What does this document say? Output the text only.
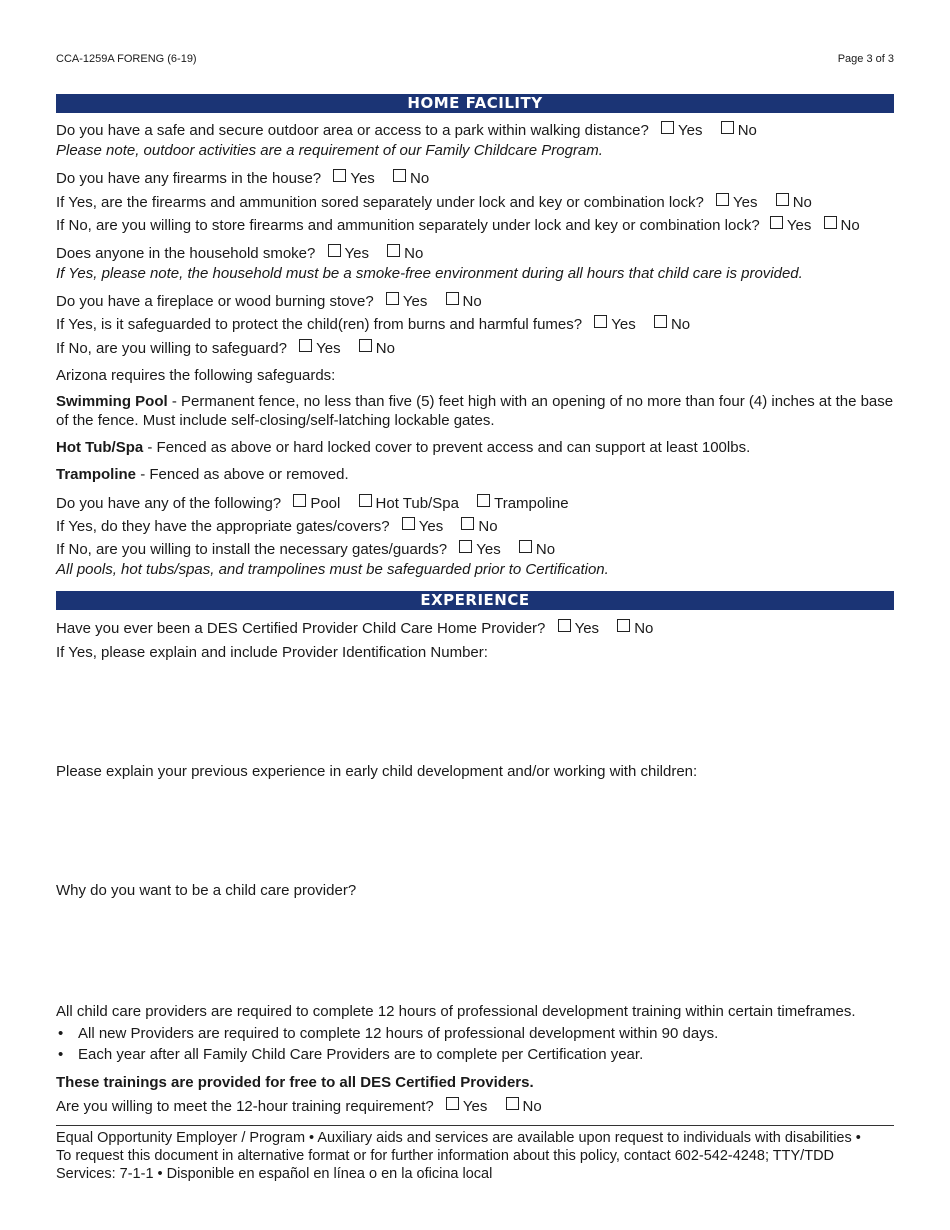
CCA-1259A FORENG (6-19)	Page 3 of 3
HOME FACILITY
Do you have a safe and secure outdoor area or access to a park within walking distance? Yes No
Please note, outdoor activities are a requirement of our Family Childcare Program.
Do you have any firearms in the house? Yes No
If Yes, are the firearms and ammunition sored separately under lock and key or combination lock? Yes No
If No, are you willing to store firearms and ammunition separately under lock and key or combination lock? Yes No
Does anyone in the household smoke? Yes No
If Yes, please note, the household must be a smoke-free environment during all hours that child care is provided.
Do you have a fireplace or wood burning stove? Yes No
If Yes, is it safeguarded to protect the child(ren) from burns and harmful fumes? Yes No
If No, are you willing to safeguard? Yes No
Arizona requires the following safeguards:
Swimming Pool - Permanent fence, no less than five (5) feet high with an opening of no more than four (4) inches at the base of the fence. Must include self-closing/self-latching lockable gates.
Hot Tub/Spa - Fenced as above or hard locked cover to prevent access and can support at least 100lbs.
Trampoline - Fenced as above or removed.
Do you have any of the following? Pool Hot Tub/Spa Trampoline
If Yes, do they have the appropriate gates/covers? Yes No
If No, are you willing to install the necessary gates/guards? Yes No
All pools, hot tubs/spas, and trampolines must be safeguarded prior to Certification.
EXPERIENCE
Have you ever been a DES Certified Provider Child Care Home Provider? Yes No
If Yes, please explain and include Provider Identification Number:
Please explain your previous experience in early child development and/or working with children:
Why do you want to be a child care provider?
All child care providers are required to complete 12 hours of professional development training within certain timeframes.
• All new Providers are required to complete 12 hours of professional development within 90 days.
• Each year after all Family Child Care Providers are to complete per Certification year.
These trainings are provided for free to all DES Certified Providers.
Are you willing to meet the 12-hour training requirement? Yes No
Equal Opportunity Employer / Program • Auxiliary aids and services are available upon request to individuals with disabilities • To request this document in alternative format or for further information about this policy, contact 602-542-4248; TTY/TDD Services: 7-1-1 • Disponible en español en línea o en la oficina local
